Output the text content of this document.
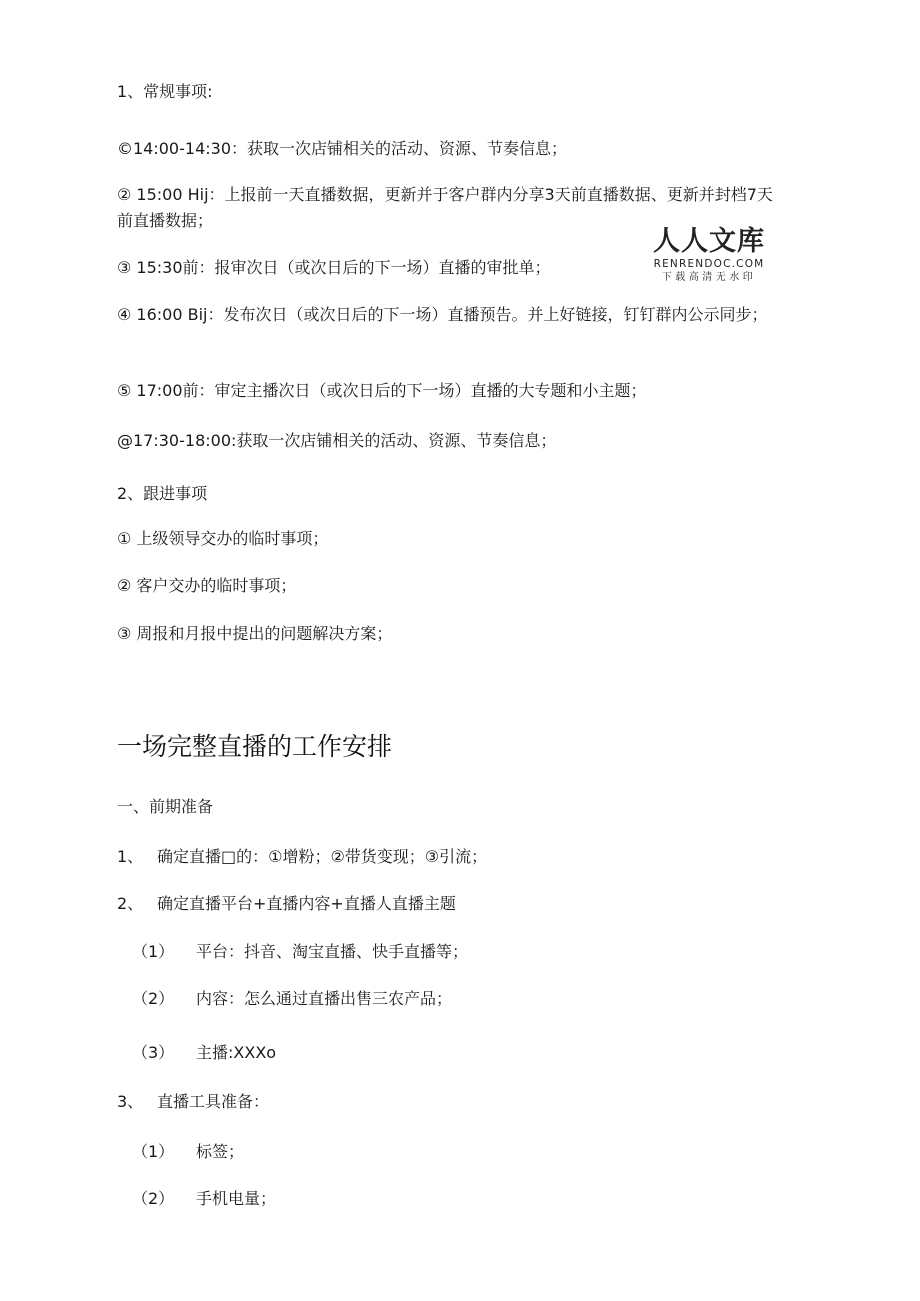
1、常规事项:
©14:00-14:30：获取一次店铺相关的活动、资源、节奏信息；
② 15:00 Hij：上报前一天直播数据，更新并于客户群内分享3天前直播数据、更新并封档7天前直播数据；
③ 15:30前：报审次日（或次日后的下一场）直播的审批单；
④ 16:00 Bij：发布次日（或次日后的下一场）直播预告。并上好链接，钉钉群内公示同步；
⑤ 17:00前：审定主播次日（或次日后的下一场）直播的大专题和小主题；
@17:30-18:00:获取一次店铺相关的活动、资源、节奏信息；
2、跟进事项
① 上级领导交办的临时事项；
② 客户交办的临时事项；
③ 周报和月报中提出的问题解决方案；
一场完整直播的工作安排
一、前期准备
1、 确定直播□的：①增粉；②带货变现；③引流；
2、 确定直播平台+直播内容+直播人直播主题
（1） 平台：抖音、淘宝直播、快手直播等；
（2） 内容：怎么通过直播出售三农产品；
（3） 主播:XXXo
3、 直播工具准备：
（1） 标签；
（2） 手机电量；
人人文库
RENRENDOC.COM
下载高清无水印
